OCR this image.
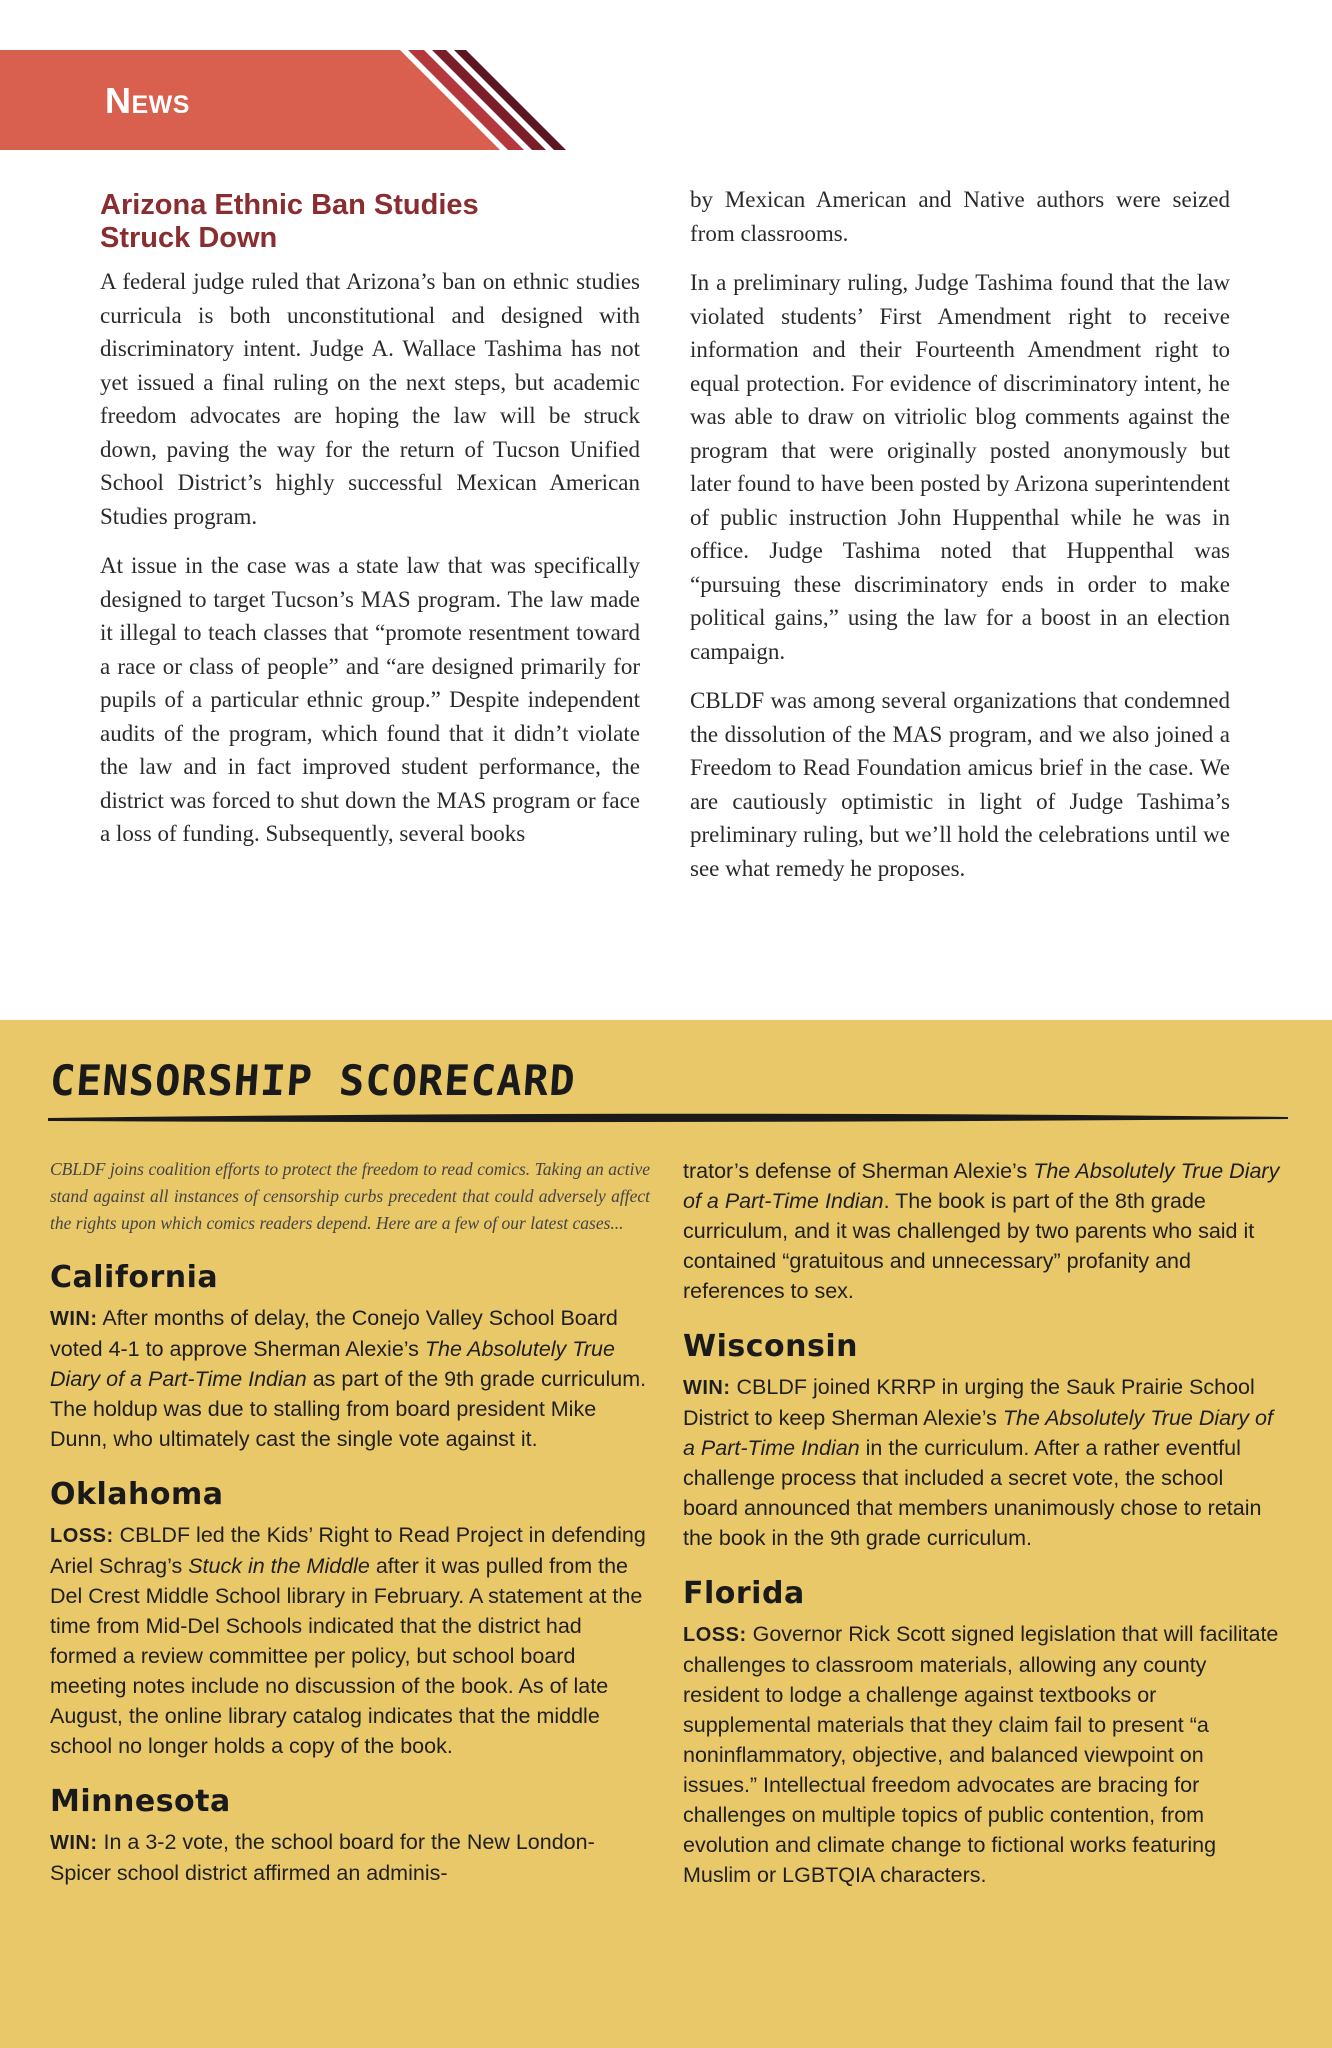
News
Arizona Ethnic Ban Studies Struck Down

A federal judge ruled that Arizona’s ban on ethnic studies curricula is both unconstitutional and designed with discriminatory intent. Judge A. Wallace Tashima has not yet issued a final ruling on the next steps, but academic freedom advocates are hoping the law will be struck down, paving the way for the return of Tucson Unified School District’s highly successful Mexican American Studies program.

At issue in the case was a state law that was specifically designed to target Tucson’s MAS program. The law made it illegal to teach classes that “promote resentment toward a race or class of people” and “are designed primarily for pupils of a particular ethnic group.” Despite independent audits of the program, which found that it didn’t violate the law and in fact improved student performance, the district was forced to shut down the MAS program or face a loss of funding. Subsequently, several books

by Mexican American and Native authors were seized from classrooms.

In a preliminary ruling, Judge Tashima found that the law violated students’ First Amendment right to receive information and their Fourteenth Amendment right to equal protection. For evidence of discriminatory intent, he was able to draw on vitriolic blog comments against the program that were originally posted anonymously but later found to have been posted by Arizona superintendent of public instruction John Huppenthal while he was in office. Judge Tashima noted that Huppenthal was “pursuing these discriminatory ends in order to make political gains,” using the law for a boost in an election campaign.

CBLDF was among several organizations that condemned the dissolution of the MAS program, and we also joined a Freedom to Read Foundation amicus brief in the case. We are cautiously optimistic in light of Judge Tashima’s preliminary ruling, but we’ll hold the celebrations until we see what remedy he proposes.

CENSORSHIP SCORECARD

CBLDF joins coalition efforts to protect the freedom to read comics. Taking an active stand against all instances of censorship curbs precedent that could adversely affect the rights upon which comics readers depend. Here are a few of our latest cases...

California

WIN: After months of delay, the Conejo Valley School Board voted 4-1 to approve Sherman Alexie’s The Absolutely True Diary of a Part-Time Indian as part of the 9th grade curriculum. The holdup was due to stalling from board president Mike Dunn, who ultimately cast the single vote against it.

Oklahoma

LOSS: CBLDF led the Kids’ Right to Read Project in defending Ariel Schrag’s Stuck in the Middle after it was pulled from the Del Crest Middle School library in February. A statement at the time from Mid-Del Schools indicated that the district had formed a review committee per policy, but school board meeting notes include no discussion of the book. As of late August, the online library catalog indicates that the middle school no longer holds a copy of the book.

Minnesota

WIN: In a 3-2 vote, the school board for the New London-Spicer school district affirmed an adminis-

trator’s defense of Sherman Alexie’s The Absolutely True Diary of a Part-Time Indian. The book is part of the 8th grade curriculum, and it was challenged by two parents who said it contained “gratuitous and unnecessary” profanity and references to sex.

Wisconsin

WIN: CBLDF joined KRRP in urging the Sauk Prairie School District to keep Sherman Alexie’s The Absolutely True Diary of a Part-Time Indian in the curriculum. After a rather eventful challenge process that included a secret vote, the school board announced that members unanimously chose to retain the book in the 9th grade curriculum.

Florida

LOSS: Governor Rick Scott signed legislation that will facilitate challenges to classroom materials, allowing any county resident to lodge a challenge against textbooks or supplemental materials that they claim fail to present “a noninflammatory, objective, and balanced viewpoint on issues.” Intellectual freedom advocates are bracing for challenges on multiple topics of public contention, from evolution and climate change to fictional works featuring Muslim or LGBTQIA characters.
